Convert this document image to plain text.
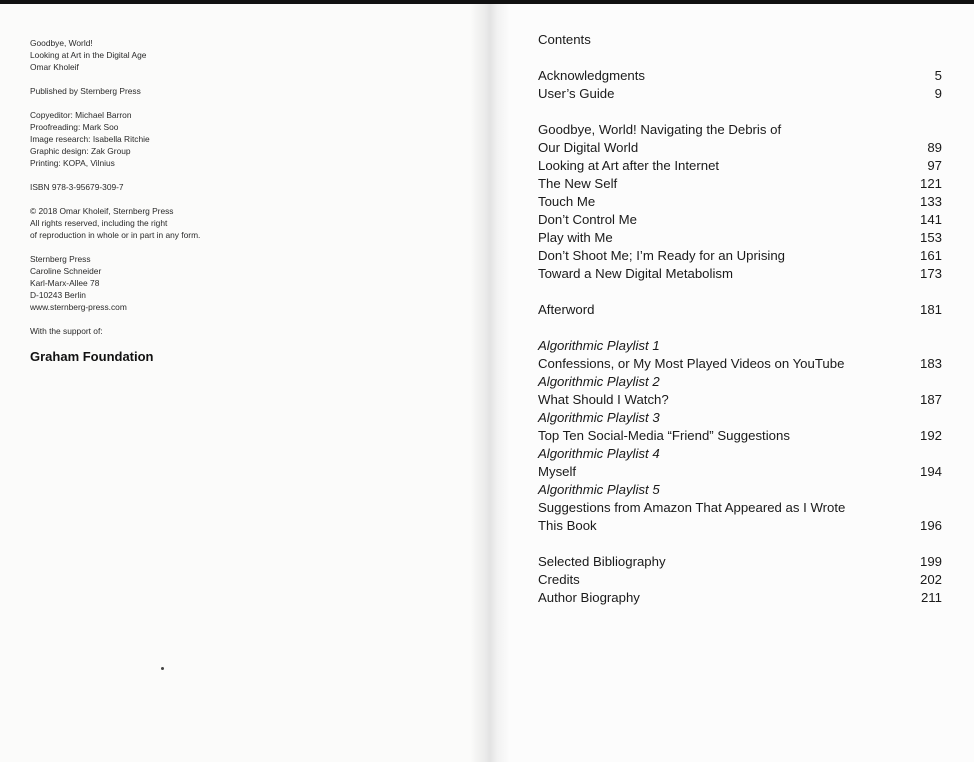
Goodbye, World!
Looking at Art in the Digital Age
Omar Kholeif
Published by Sternberg Press
Copyeditor: Michael Barron
Proofreading: Mark Soo
Image research: Isabella Ritchie
Graphic design: Zak Group
Printing: KOPA, Vilnius
ISBN 978-3-95679-309-7
© 2018 Omar Kholeif, Sternberg Press
All rights reserved, including the right
of reproduction in whole or in part in any form.
Sternberg Press
Caroline Schneider
Karl-Marx-Allee 78
D-10243 Berlin
www.sternberg-press.com
With the support of:
Graham Foundation
Contents
Acknowledgments	5
User’s Guide	9
Goodbye, World! Navigating the Debris of
Our Digital World	89
Looking at Art after the Internet	97
The New Self	121
Touch Me	133
Don’t Control Me	141
Play with Me	153
Don’t Shoot Me; I’m Ready for an Uprising	161
Toward a New Digital Metabolism	173
Afterword	181
Algorithmic Playlist 1
Confessions, or My Most Played Videos on YouTube	183
Algorithmic Playlist 2
What Should I Watch?	187
Algorithmic Playlist 3
Top Ten Social-Media “Friend” Suggestions	192
Algorithmic Playlist 4
Myself	194
Algorithmic Playlist 5
Suggestions from Amazon That Appeared as I Wrote
This Book	196
Selected Bibliography	199
Credits	202
Author Biography	211
